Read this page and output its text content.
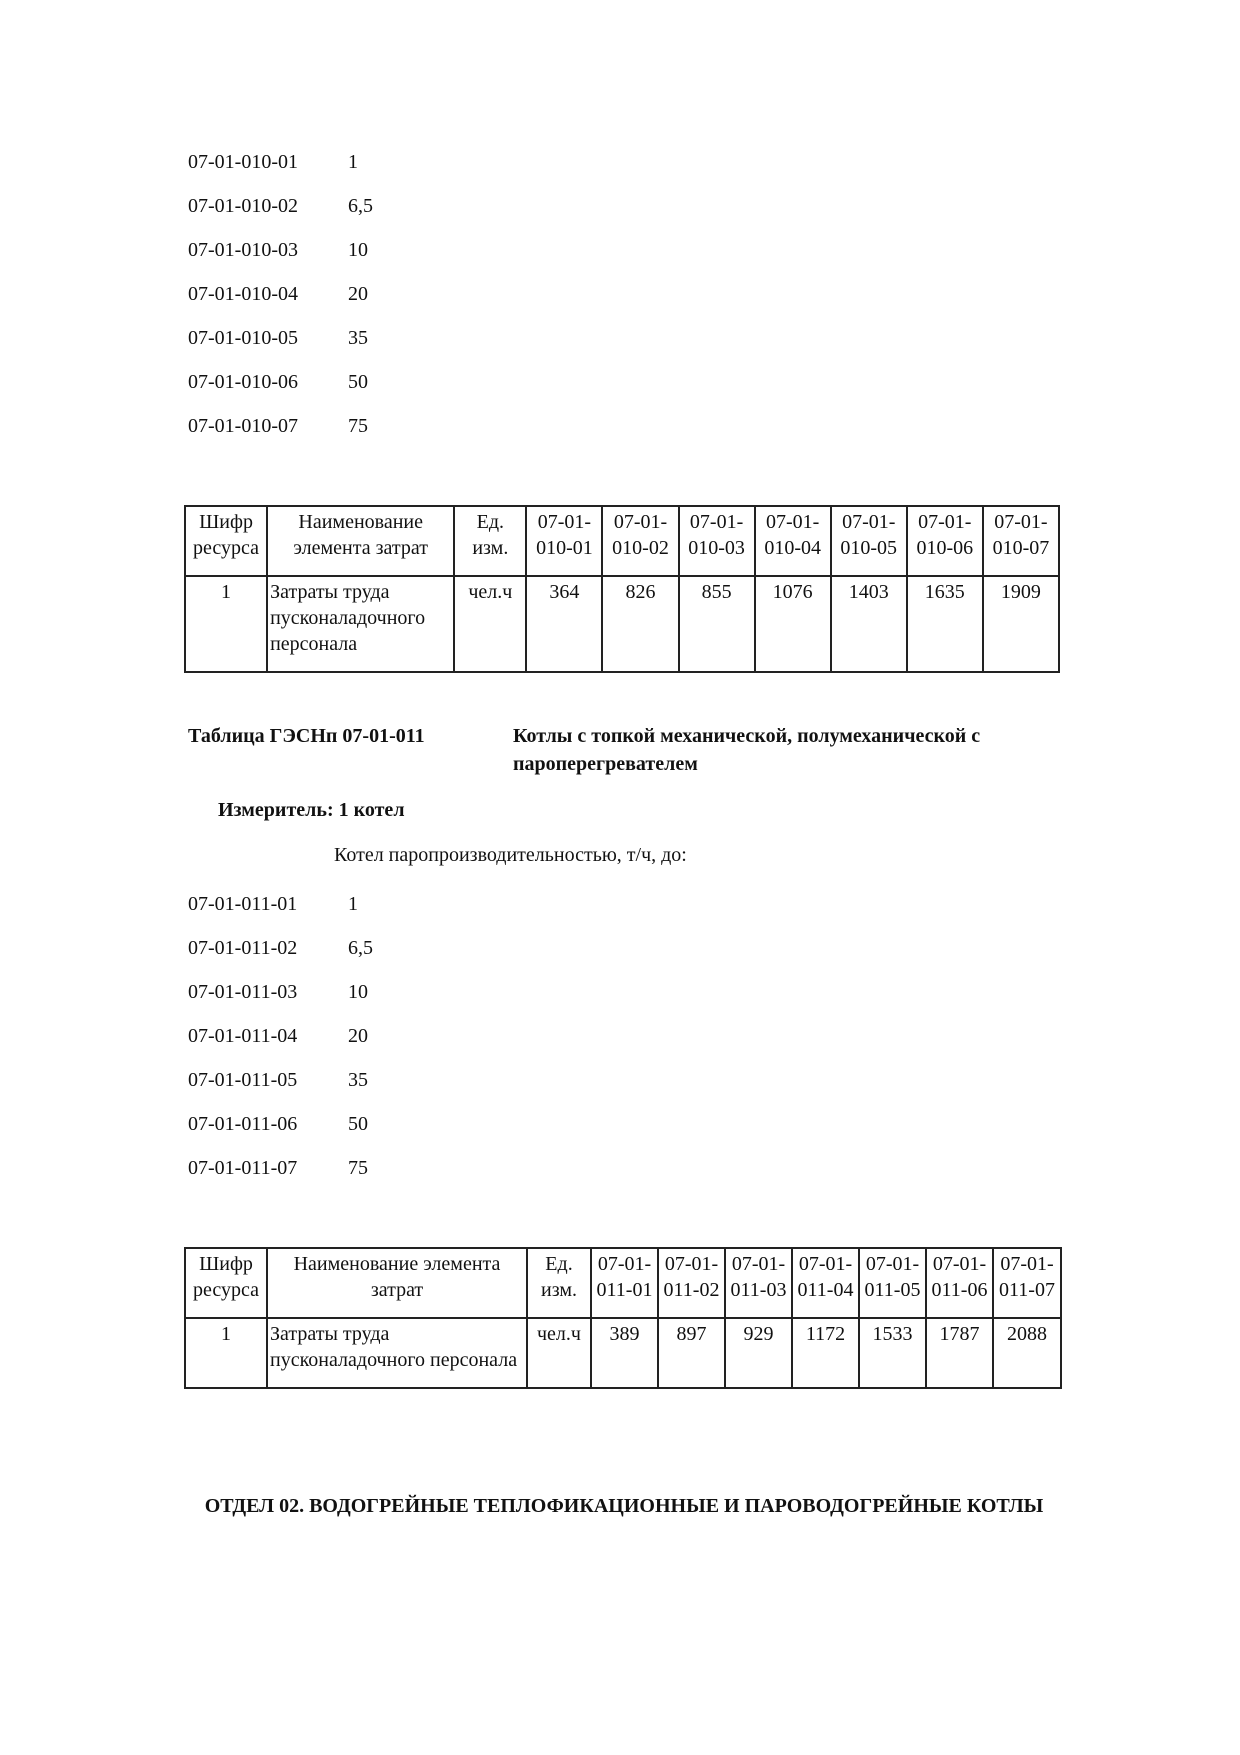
07-01-010-01	1
07-01-010-02	6,5
07-01-010-03	10
07-01-010-04	20
07-01-010-05	35
07-01-010-06	50
07-01-010-07	75
Шифр ресурса	Наименование элемента затрат	Ед. изм.	07-01-010-01	07-01-010-02	07-01-010-03	07-01-010-04	07-01-010-05	07-01-010-06	07-01-010-07
1	Затраты труда пусконаладочного персонала	чел.ч	364	826	855	1076	1403	1635	1909
Таблица ГЭСНп 07-01-011	Котлы с топкой механической, полумеханической с пароперегревателем
Измеритель: 1 котел
Котел паропроизводительностью, т/ч, до:
07-01-011-01	1
07-01-011-02	6,5
07-01-011-03	10
07-01-011-04	20
07-01-011-05	35
07-01-011-06	50
07-01-011-07	75
Шифр ресурса	Наименование элемента затрат	Ед. изм.	07-01-011-01	07-01-011-02	07-01-011-03	07-01-011-04	07-01-011-05	07-01-011-06	07-01-011-07
1	Затраты труда пусконаладочного персонала	чел.ч	389	897	929	1172	1533	1787	2088
ОТДЕЛ 02. ВОДОГРЕЙНЫЕ ТЕПЛОФИКАЦИОННЫЕ И ПАРОВОДОГРЕЙНЫЕ КОТЛЫ
